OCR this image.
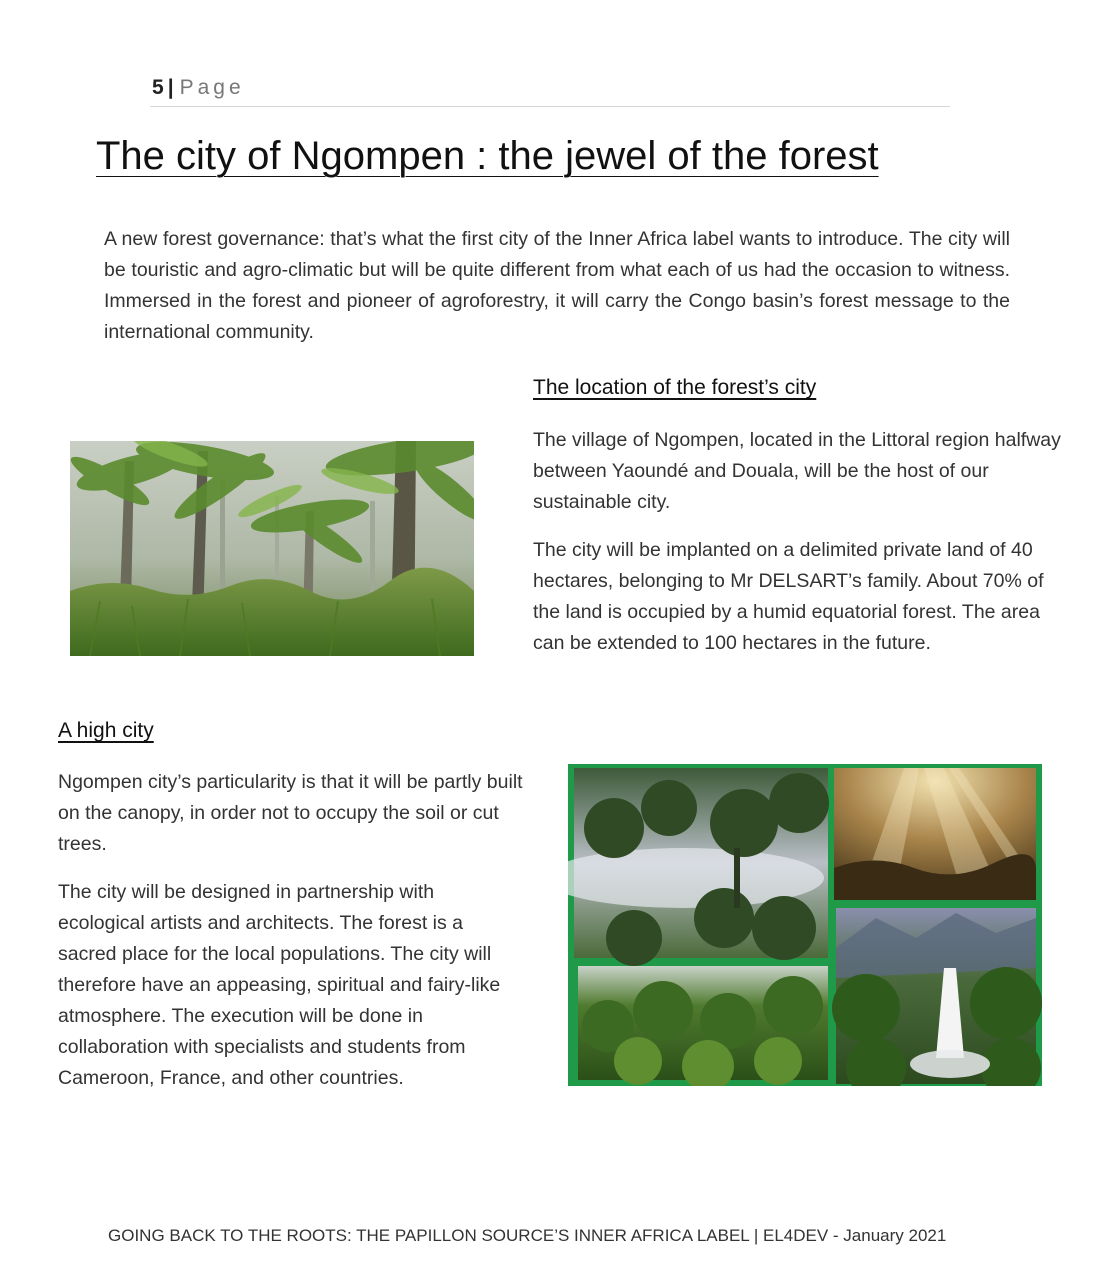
5 | Page
The city of Ngompen : the jewel of the forest
A new forest governance: that’s what the first city of the Inner Africa label wants to introduce. The city will be touristic and agro-climatic but will be quite different from what each of us had the occasion to witness. Immersed in the forest and pioneer of agroforestry, it will carry the Congo basin’s forest message to the international community.
The location of the forest’s city

The village of Ngompen, located in the Littoral region halfway between Yaoundé and Douala, will be the host of our sustainable city.

The city will be implanted on a delimited private land of 40 hectares, belonging to Mr DELSART’s family. About 70% of the land is occupied by a humid equatorial forest. The area can be extended to 100 hectares in the future.

A high city

Ngompen city’s particularity is that it will be partly built on the canopy, in order not to occupy the soil or cut trees.

The city will be designed in partnership with ecological artists and architects. The forest is a sacred place for the local populations. The city will therefore have an appeasing, spiritual and fairy-like atmosphere. The execution will be done in collaboration with specialists and students from Cameroon, France, and other countries.

GOING BACK TO THE ROOTS: THE PAPILLON SOURCE’S INNER AFRICA LABEL | EL4DEV - January 2021
